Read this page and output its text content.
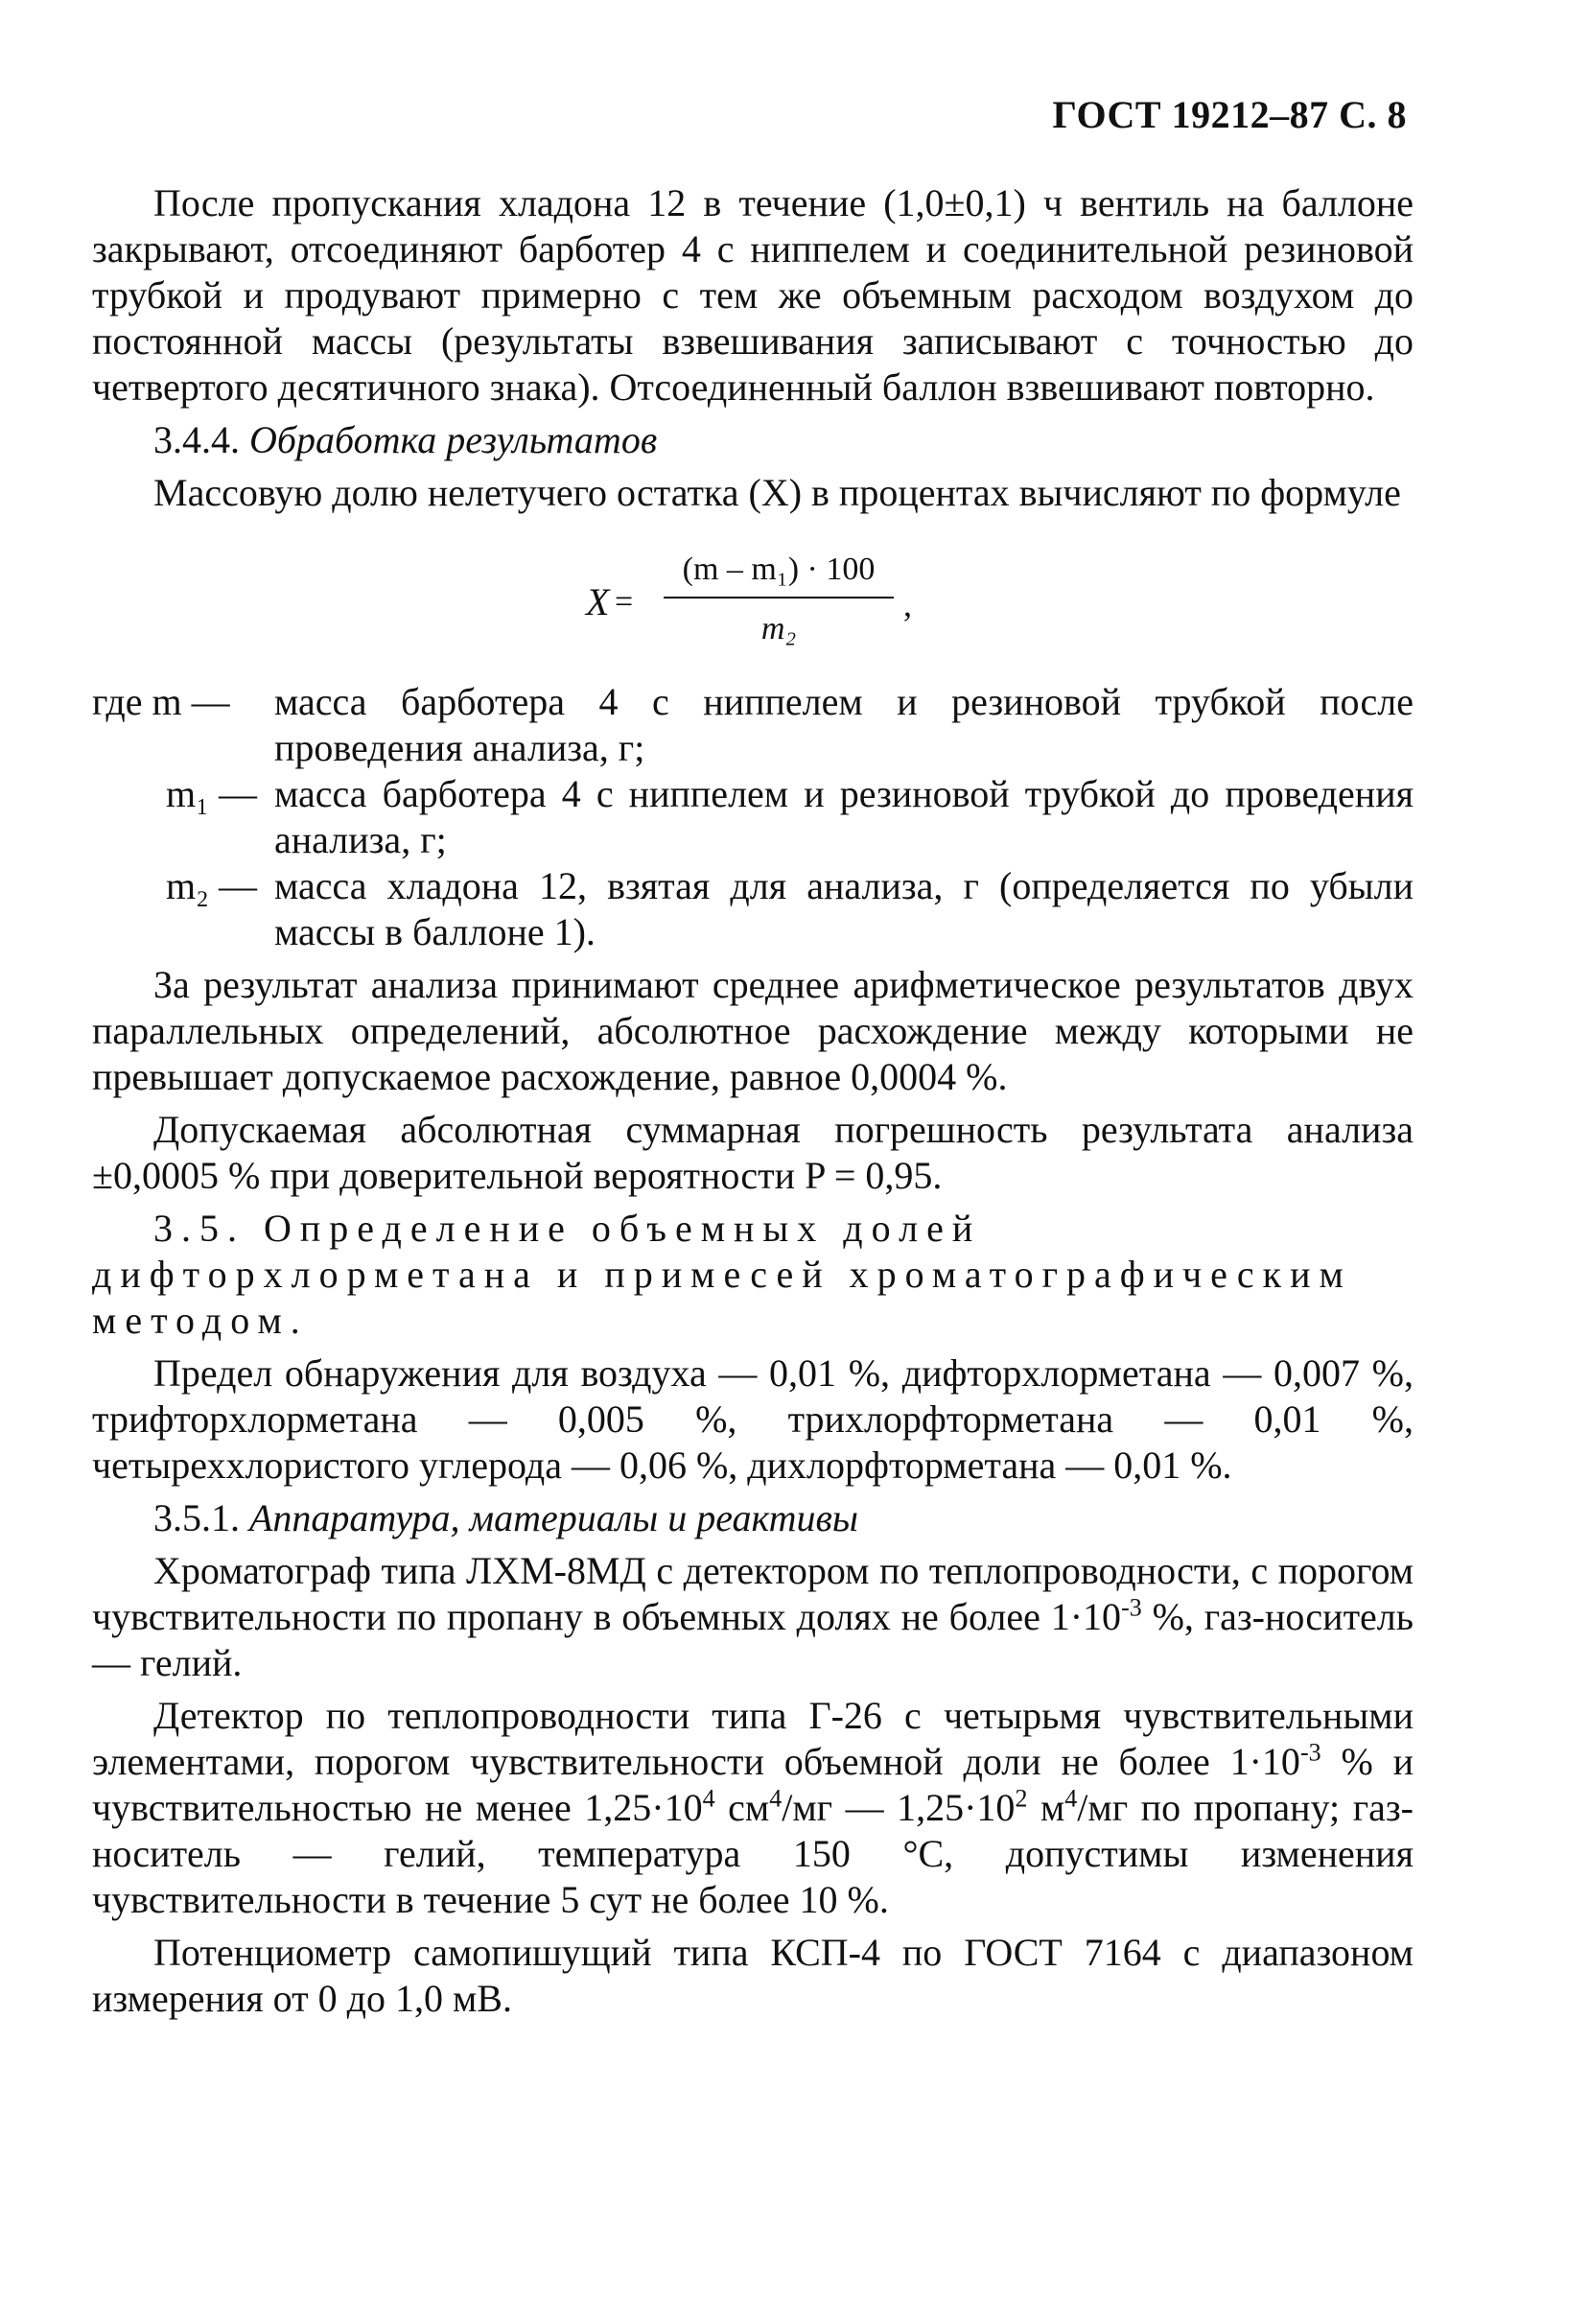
ГОСТ 19212–87 С. 8

После пропускания хладона 12 в течение (1,0±0,1) ч вентиль на баллоне закрывают, отсоединяют барботер 4 с ниппелем и соединительной резиновой трубкой и продувают примерно с тем же объемным расходом воздухом до постоянной массы (результаты взвешивания записывают с точностью до четвертого десятичного знака). Отсоединенный баллон взвешивают повторно.

3.4.4. Обработка результатов

Массовую долю нелетучего остатка (X) в процентах вычисляют по формуле

X =
(m – m₁) · 100
m₂
,
где m —	масса барботера 4 с ниппелем и резиновой трубкой после проведения анализа, г;
m₁ — масса барботера 4 с ниппелем и резиновой трубкой до проведения анализа, г;
m₂ — масса хладона 12, взятая для анализа, г (определяется по убыли массы в баллоне 1).

За результат анализа принимают среднее арифметическое результатов двух параллельных определений, абсолютное расхождение между которыми не превышает допускаемое расхождение, равное 0,0004 %.

Допускаемая абсолютная суммарная погрешность результата анализа ±0,0005 % при доверительной вероятности P = 0,95.

3.5. Определение объемных долей дифторхлорметана и примесей хроматографическим методом.

Предел обнаружения для воздуха — 0,01 %, дифторхлорметана — 0,007 %, трифторхлорметана — 0,005 %, трихлорфторметана — 0,01 %, четыреххлористого углерода — 0,06 %, дихлорфторметана — 0,01 %.

3.5.1. Аппаратура, материалы и реактивы

Хроматограф типа ЛХМ-8МД с детектором по теплопроводности, с порогом чувствительности по пропану в объемных долях не более $1\cdot 10^{-3}$ %, газ-носитель — гелий.

Детектор по теплопроводности типа Г-26 с четырьмя чувствительными элементами, порогом чувствительности объемной доли не более $1\cdot 10^{-3}$ % и чувствительностью не менее $1,25\cdot 10^4$ $см^4/мг$ — $1,25\cdot 10^2$ $м^4/мг$ по пропану; газ-носитель — гелий, температура 150 °С, допустимы изменения чувствительности в течение 5 сут не более 10 %.

Потенциометр самопишущий типа КСП-4 по ГОСТ 7164 с диапазоном измерения от 0 до 1,0 мВ.
